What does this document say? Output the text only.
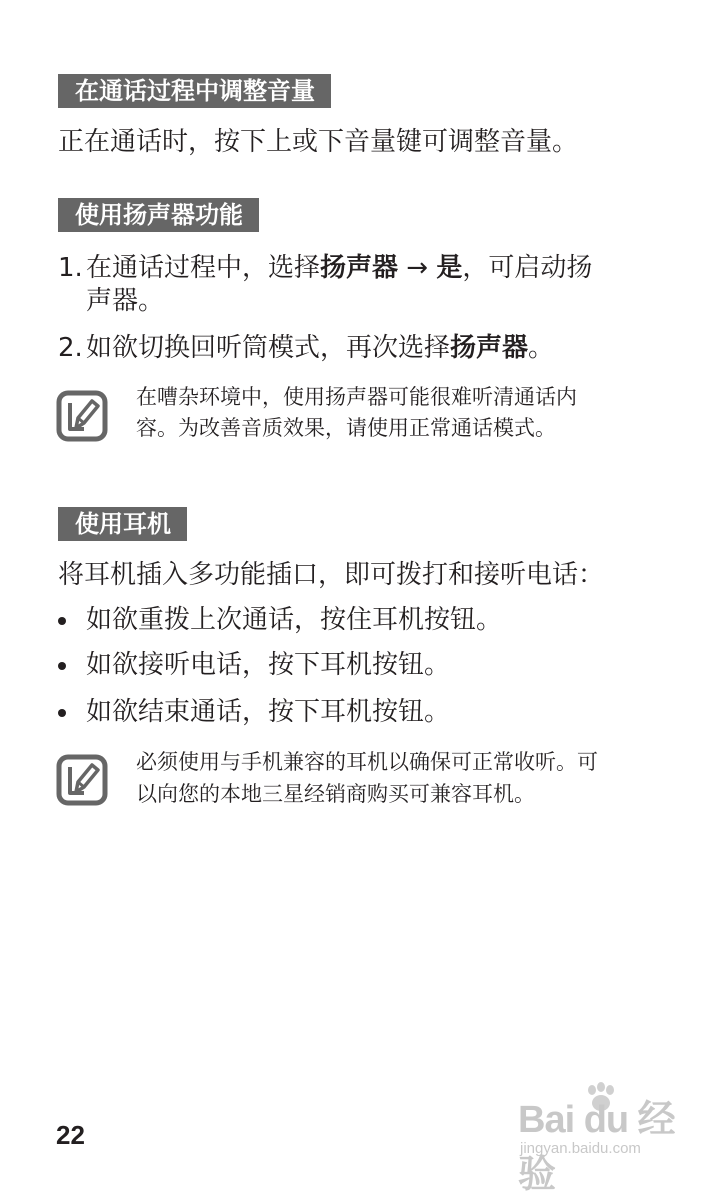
在通话过程中调整音量
正在通话时，按下上或下音量键可调整音量。
使用扬声器功能
1. 在通话过程中，选择扬声器 → 是，可启动扬
声器。
2. 如欲切换回听筒模式，再次选择扬声器。
在嘈杂环境中，使用扬声器可能很难听清通话内
容。为改善音质效果，请使用正常通话模式。
使用耳机
将耳机插入多功能插口，即可拨打和接听电话：
如欲重拨上次通话，按住耳机按钮。
如欲接听电话，按下耳机按钮。
如欲结束通话，按下耳机按钮。
必须使用与手机兼容的耳机以确保可正常收听。可
以向您的本地三星经销商购买可兼容耳机。
22	Bai du 经验
jingyan.baidu.com
